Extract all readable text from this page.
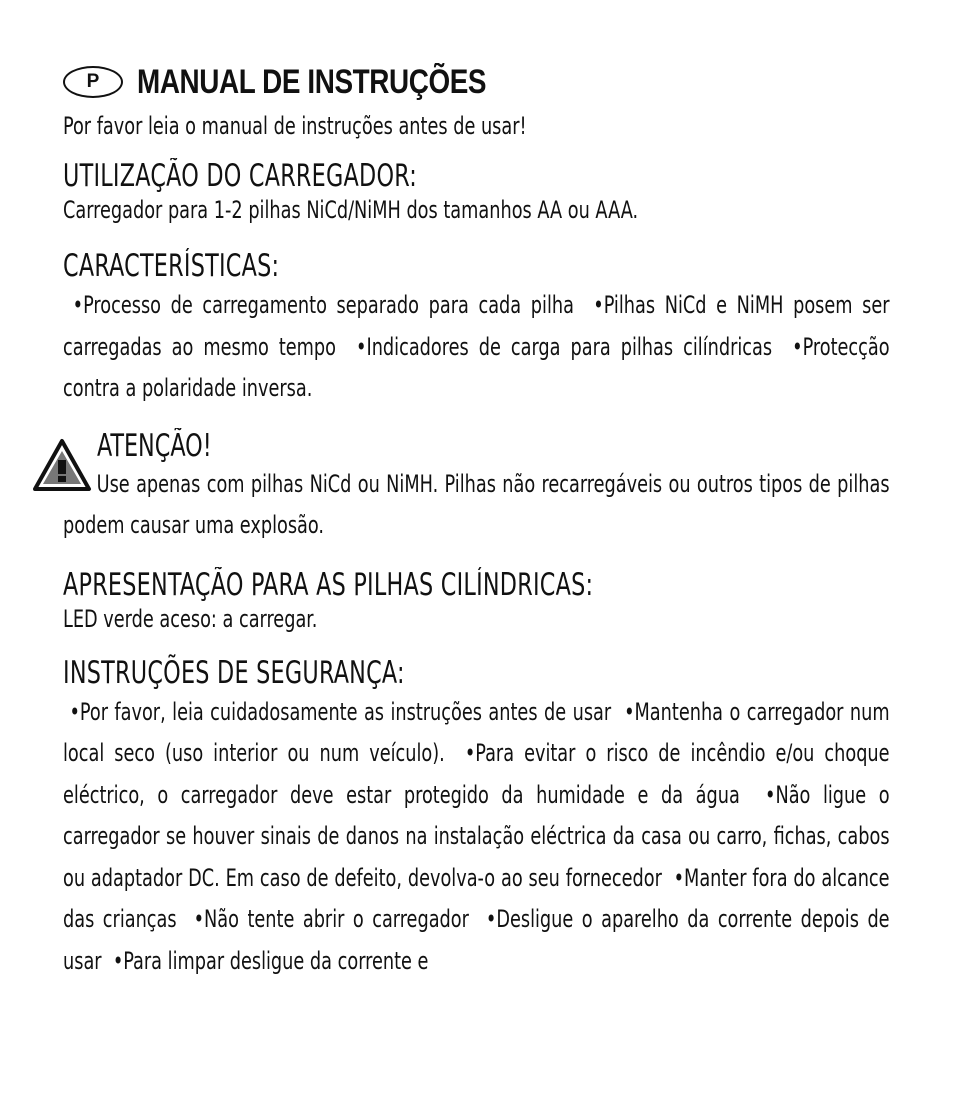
P	MANUAL DE INSTRUÇÕES
Por favor leia o manual de instruções antes de usar!
UTILIZAÇÃO DO CARREGADOR:
Carregador para 1-2 pilhas NiCd/NiMH dos tamanhos AA ou AAA.
CARACTERÍSTICAS:
•Processo de carregamento separado para cada pilha  •Pilhas NiCd e NiMH posem ser carregadas ao mesmo tempo  •Indicadores de carga para pilhas cilíndricas  •Protecção contra a polaridade inversa.
ATENÇÃO!
Use apenas com pilhas NiCd ou NiMH. Pilhas não recarregáveis ou outros tipos de pilhas podem causar uma explosão.
APRESENTAÇÃO PARA AS PILHAS CILÍNDRICAS:
LED verde aceso: a carregar.
INSTRUÇÕES DE SEGURANÇA:
•Por favor, leia cuidadosamente as instruções antes de usar  •Mantenha o carregador num local seco (uso interior ou num veículo).  •Para evitar o risco de incêndio e/ou choque eléctrico, o carregador deve estar protegido da humidade e da água  •Não ligue o carregador se houver sinais de danos na instalação eléctrica da casa ou carro, fichas, cabos ou adaptador DC. Em caso de defeito, devolva-o ao seu fornecedor  •Manter fora do alcance das crianças  •Não tente abrir o carregador  •Desligue o aparelho da corrente depois de usar  •Para limpar desligue da corrente e
